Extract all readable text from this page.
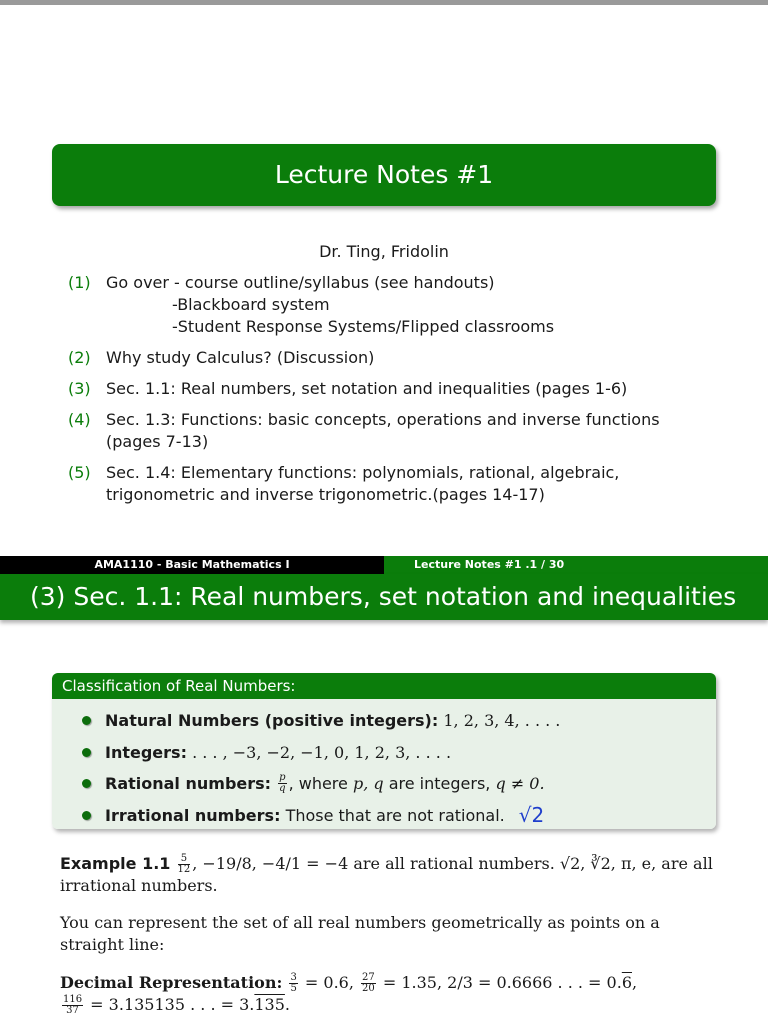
Lecture Notes #1
Dr. Ting, Fridolin
(1) Go over - course outline/syllabus (see handouts)
-Blackboard system
-Student Response Systems/Flipped classrooms
(2) Why study Calculus? (Discussion)
(3) Sec. 1.1: Real numbers, set notation and inequalities (pages 1-6)
(4) Sec. 1.3: Functions: basic concepts, operations and inverse functions (pages 7-13)
(5) Sec. 1.4: Elementary functions: polynomials, rational, algebraic, trigonometric and inverse trigonometric.(pages 14-17)
AMA1110 - Basic Mathematics I	Lecture Notes #1 .1 / 30
(3) Sec. 1.1: Real numbers, set notation and inequalities
Classification of Real Numbers:
Natural Numbers (positive integers):
1, 2, 3, 4, . . . .
Integers:
. . . , −3, −2, −1, 0, 1, 2, 3, . . . .
Rational numbers:
$\frac{p}{q}$ , where
p, q
are integers,
q ≠ 0.
Irrational numbers:
Those that are not rational. √2
Example $1.1 \frac{5}{12}$ , −19/8, −4/1 = −4 are all rational numbers. √2, ∛2, π, e, are all irrational numbers.
You can represent the set of all real numbers geometrically as points on a straight line:
Decimal Representation: $\frac{3}{5} = 0.6$, $\frac{27}{20} = 1.35$, 2/3 = 0.6666 . . . = 0.6,

$\frac{116}{37} = 3.135135$ . . . = 3.135.
